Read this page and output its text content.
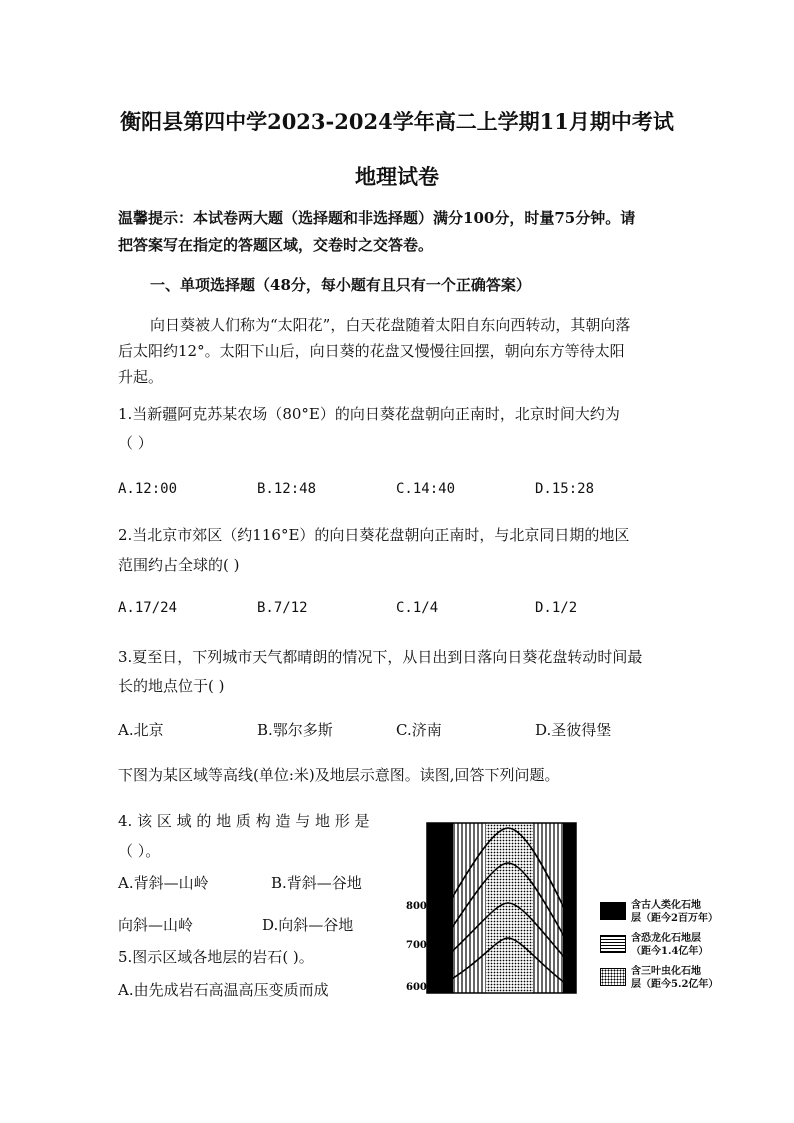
衡阳县第四中学2023-2024学年高二上学期11月期中考试
地理试卷
温馨提示：本试卷两大题（选择题和非选择题）满分100分，时量75分钟。请
把答案写在指定的答题区域，交卷时之交答卷。
一、单项选择题（48分，每小题有且只有一个正确答案）
向日葵被人们称为“太阳花”，白天花盘随着太阳自东向西转动，其朝向落
后太阳约12°。太阳下山后，向日葵的花盘又慢慢往回摆，朝向东方等待太阳
升起。
1.当新疆阿克苏某农场（80°E）的向日葵花盘朝向正南时，北京时间大约为
（ ）
A.12:00	B.12:48	C.14:40	D.15:28
2.当北京市郊区（约116°E）的向日葵花盘朝向正南时，与北京同日期的地区
范围约占全球的( )
A.17/24	B.7/12	C.1/4	D.1/2
3.夏至日，下列城市天气都晴朗的情况下，从日出到日落向日葵花盘转动时间最
长的地点位于( )
A.北京	B.鄂尔多斯	C.济南	D.圣彼得堡
下图为某区域等高线(单位:米)及地层示意图。读图,回答下列问题。
4. 该 区 域 的 地 质 构 造 与 地 形 是
（ ）。
A.背斜—山岭	B.背斜—谷地
向斜—山岭	D.向斜—谷地
5.图示区域各地层的岩石( )。
A.由先成岩石高温高压变质而成
800
700
600
含古人类化石地
层（距今2百万年）
含恐龙化石地层
（距今1.4亿年）
含三叶虫化石地
层（距今5.2亿年）
